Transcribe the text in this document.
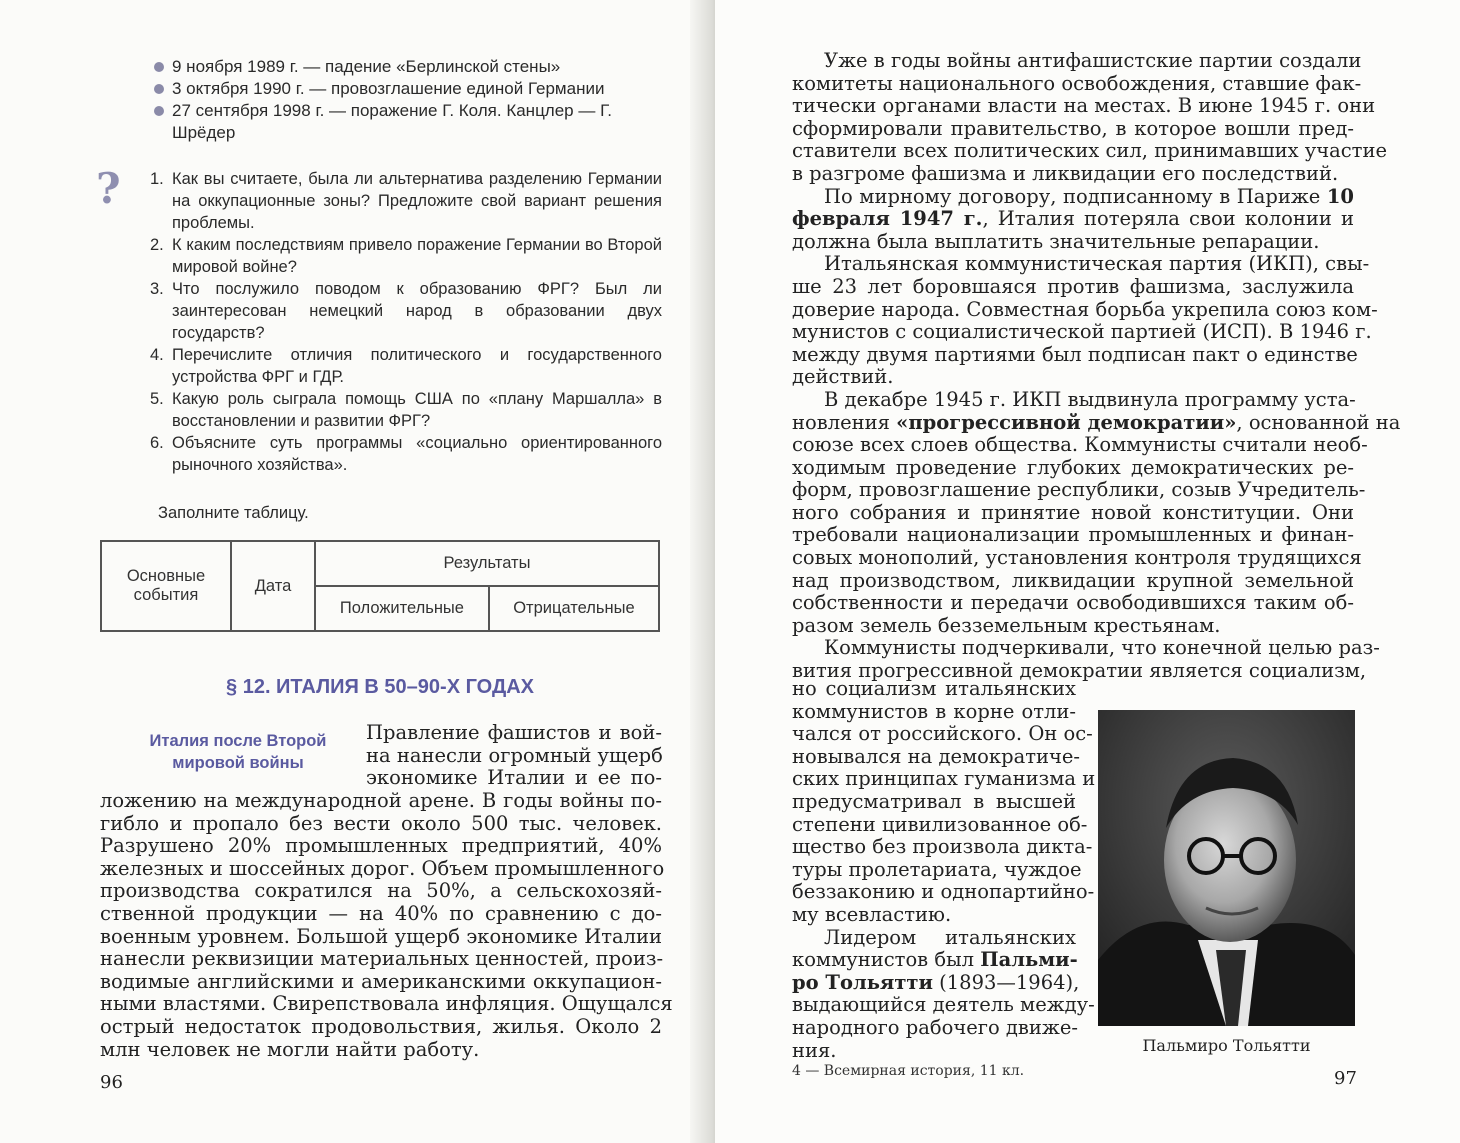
9 ноября 1989 г. — падение «Берлинской стены»
3 октября 1990 г. — провозглашение единой Германии
27 сентября 1998 г. — поражение Г. Коля. Канцлер — Г. Шрёдер
? 1. Как вы считаете, была ли альтернатива разделению Германии на оккупационные зоны? Предложите свой вариант решения проблемы.
2. К каким последствиям привело поражение Германии во Второй мировой войне?
3. Что послужило поводом к образованию ФРГ? Был ли заинтересован немецкий народ в образовании двух государств?
4. Перечислите отличия политического и государственного устройства ФРГ и ГДР.
5. Какую роль сыграла помощь США по «плану Маршалла» в восстановлении и развитии ФРГ?
6. Объясните суть программы «социально ориентированного рыночного хозяйства».
Заполните таблицу.
Основные события	Дата	Результаты	
		Положительные	Отрицательные
§ 12. ИТАЛИЯ В 50–90-Х ГОДАХ
Италия после Второй мировой войны
Правление фашистов и вой-
на нанесли огромный ущерб
экономике Италии и ее по-
ложению на международной арене. В годы войны по-
гибло и пропало без вести около 500 тыс. человек.
Разрушено 20% промышленных предприятий, 40%
железных и шоссейных дорог. Объем промышленного
производства сократился на 50%, а сельскохозяй-
ственной продукции — на 40% по сравнению с до-
военным уровнем. Большой ущерб экономике Италии
нанесли реквизиции материальных ценностей, произ-
водимые английскими и американскими оккупацион-
ными властями. Свирепствовала инфляция. Ощущался
острый недостаток продовольствия, жилья. Около 2
млн человек не могли найти работу.
96
Уже в годы войны антифашистские партии создали
комитеты национального освобождения, ставшие фак-
тически органами власти на местах. В июне 1945 г. они
сформировали правительство, в которое вошли пред-
ставители всех политических сил, принимавших участие
в разгроме фашизма и ликвидации его последствий.
По мирному договору, подписанному в Париже 10
февраля 1947 г., Италия потеряла свои колонии и
должна была выплатить значительные репарации.
Итальянская коммунистическая партия (ИКП), свы-
ше 23 лет боровшаяся против фашизма, заслужила
доверие народа. Совместная борьба укрепила союз ком-
мунистов с социалистической партией (ИСП). В 1946 г.
между двумя партиями был подписан пакт о единстве
действий.
В декабре 1945 г. ИКП выдвинула программу уста-
новления «прогрессивной демократии», основанной на
союзе всех слоев общества. Коммунисты считали необ-
ходимым проведение глубоких демократических ре-
форм, провозглашение республики, созыв Учредитель-
ного собрания и принятие новой конституции. Они
требовали национализации промышленных и финан-
совых монополий, установления контроля трудящихся
над производством, ликвидации крупной земельной
собственности и передачи освободившихся таким об-
разом земель безземельным крестьянам.
Коммунисты подчеркивали, что конечной целью раз-
вития прогрессивной демократии является социализм,
но социализм итальянских
коммунистов в корне отли-
чался от российского. Он ос-
новывался на демократиче-
ских принципах гуманизма и
предусматривал в высшей
степени цивилизованное об-
щество без произвола дикта-
туры пролетариата, чуждое
беззаконию и однопартийно-
му всевластию.
Лидером итальянских
коммунистов был Пальми-
ро Тольятти (1893—1964),
выдающийся деятель между-
народного рабочего движе-
ния.	Пальмиро Тольятти
4 — Всемирная история, 11 кл.	97
